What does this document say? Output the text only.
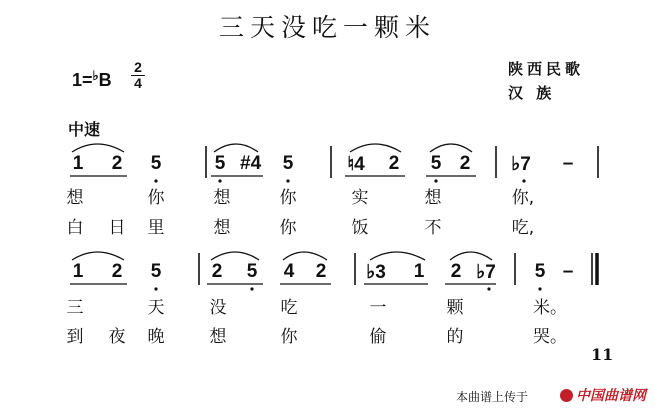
三天没吃一颗米
陕西民歌
汉 族
1=♭B
2
4
中速
1 2 5	5 #4 5	♮4 2 5 2 ♭7 –
想	你	想	你	实	想	你,
白 日 里	想	你	饭	不	吃,
1 2 5	2 5 4 2 ♭3 1 2 ♭7 5 –
三	天	没	吃	一	颗	米。
到 夜 晚	想	你	偷	的	哭。
11
本曲谱上传于	中国曲谱网
